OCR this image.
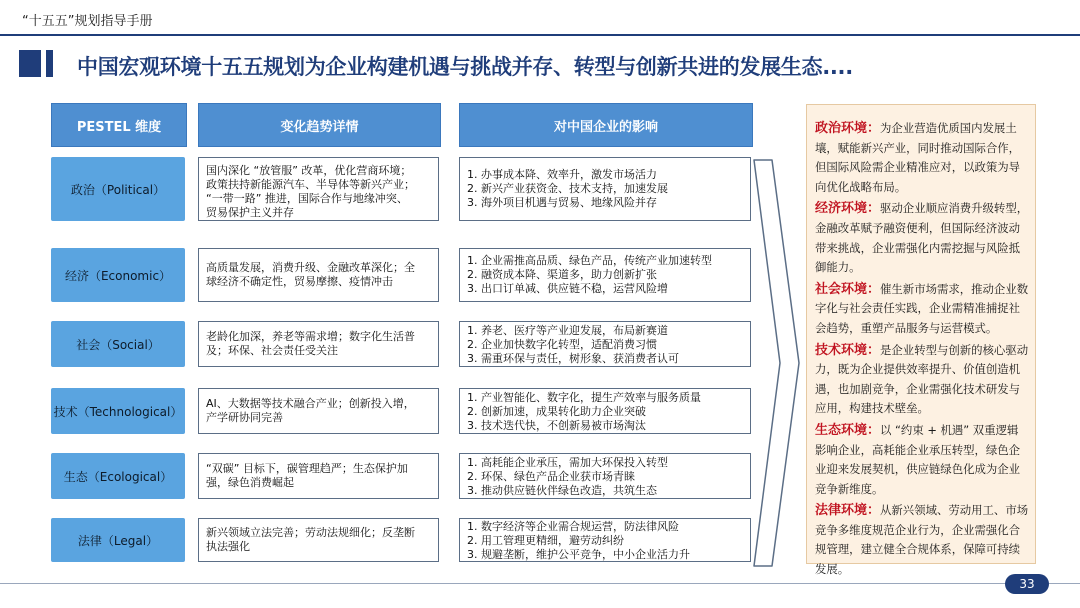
“十五五”规划指导手册
中国宏观环境十五五规划为企业构建机遇与挑战并存、转型与创新共进的发展生态....
PESTEL 维度	变化趋势详情	对中国企业的影响
政治（Political）
国内深化 “放管服” 改革，优化营商环境；
政策扶持新能源汽车、半导体等新兴产业；
“一带一路” 推进，国际合作与地缘冲突、
贸易保护主义并存
1. 办事成本降、效率升，激发市场活力
2. 新兴产业获资金、技术支持，加速发展
3. 海外项目机遇与贸易、地缘风险并存
经济（Economic）
高质量发展，消费升级、金融改革深化；全
球经济不确定性，贸易摩擦、疫情冲击
1. 企业需推高品质、绿色产品，传统产业加速转型
2. 融资成本降、渠道多，助力创新扩张
3. 出口订单减、供应链不稳，运营风险增
社会（Social）
老龄化加深，养老等需求增；数字化生活普
及；环保、社会责任受关注
1. 养老、医疗等产业迎发展，布局新赛道
2. 企业加快数字化转型，适配消费习惯
3. 需重环保与责任，树形象、获消费者认可
技术（Technological）
AI、大数据等技术融合产业；创新投入增，
产学研协同完善
1. 产业智能化、数字化，提生产效率与服务质量
2. 创新加速，成果转化助力企业突破
3. 技术迭代快，不创新易被市场淘汰
生态（Ecological）
“双碳” 目标下，碳管理趋严；生态保护加
强，绿色消费崛起
1. 高耗能企业承压，需加大环保投入转型
2. 环保、绿色产品企业获市场青睐
3. 推动供应链伙伴绿色改造，共筑生态
法律（Legal）
新兴领域立法完善；劳动法规细化；反垄断
执法强化
1. 数字经济等企业需合规运营，防法律风险
2. 用工管理更精细，避劳动纠纷
3. 规避垄断，维护公平竞争，中小企业活力升

政治环境：为企业营造优质国内发展土壤，赋能新兴产业，同时推动国际合作，但国际风险需企业精准应对，以政策为导向优化战略布局。

经济环境：驱动企业顺应消费升级转型，金融改革赋予融资便利，但国际经济波动带来挑战，企业需强化内需挖掘与风险抵御能力。

社会环境：催生新市场需求，推动企业数字化与社会责任实践，企业需精准捕捉社会趋势，重塑产品服务与运营模式。

技术环境：是企业转型与创新的核心驱动力，既为企业提供效率提升、价值创造机遇，也加剧竞争，企业需强化技术研发与应用，构建技术壁垒。

生态环境：以 “约束 + 机遇” 双重逻辑影响企业，高耗能企业承压转型，绿色企业迎来发展契机，供应链绿色化成为企业竞争新维度。

法律环境：从新兴领域、劳动用工、市场竞争多维度规范企业行为，企业需强化合规管理，建立健全合规体系，保障可持续发展。

33
